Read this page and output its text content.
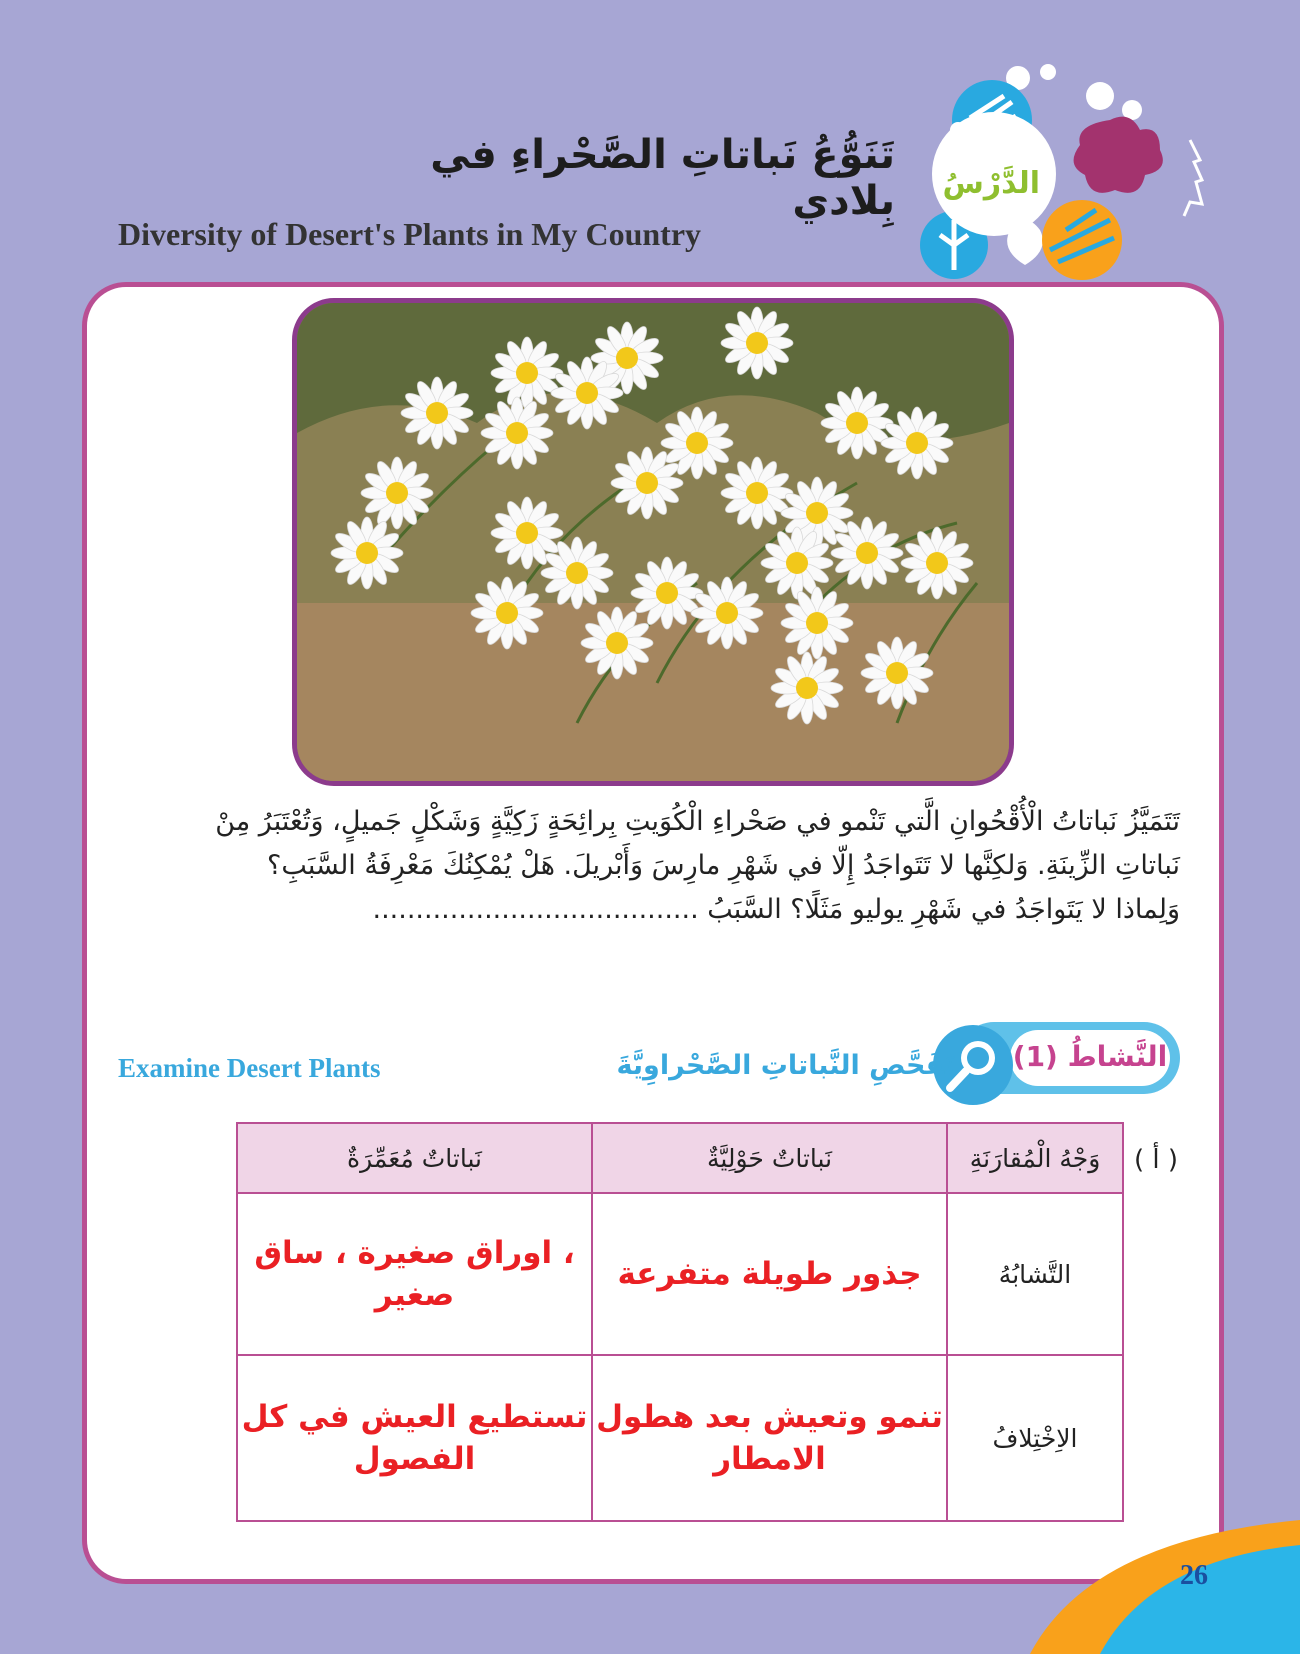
الدَّرْسُ
تَنَوُّعُ نَباتاتِ الصَّحْراءِ في بِلادي
Diversity of Desert's Plants in My Country
تَتَمَيَّزُ نَباتاتُ الْأُقْحُوانِ الَّتي تَنْمو في صَحْراءِ الْكُوَيتِ بِرائِحَةٍ زَكِيَّةٍ وَشَكْلٍ جَميلٍ، وَتُعْتَبَرُ مِنْ
نَباتاتِ الزِّينَةِ. وَلكِنَّها لا تَتَواجَدُ إِلّا في شَهْرِ مارِسَ وَأَبْريلَ. هَلْ يُمْكِنُكَ مَعْرِفَةُ السَّبَبِ؟
وَلِماذا لا يَتَواجَدُ في شَهْرِ يوليو مَثَلًا؟ السَّبَبُ ......................................
Examine Desert Plants	النَّشاطُ (1)
تَفَحَّصِ النَّباتاتِ الصَّحْراوِيَّةَ
( أ )
وَجْهُ الْمُقارَنَةِ	نَباتاتٌ حَوْلِيَّةٌ	نَباتاتٌ مُعَمِّرَةٌ
التَّشابُهُ	جذور طويلة متفرعة	، اوراق صغيرة ، ساق صغير
الاِخْتِلافُ	تنمو وتعيش بعد هطول الامطار	تستطيع العيش في كل الفصول
26
